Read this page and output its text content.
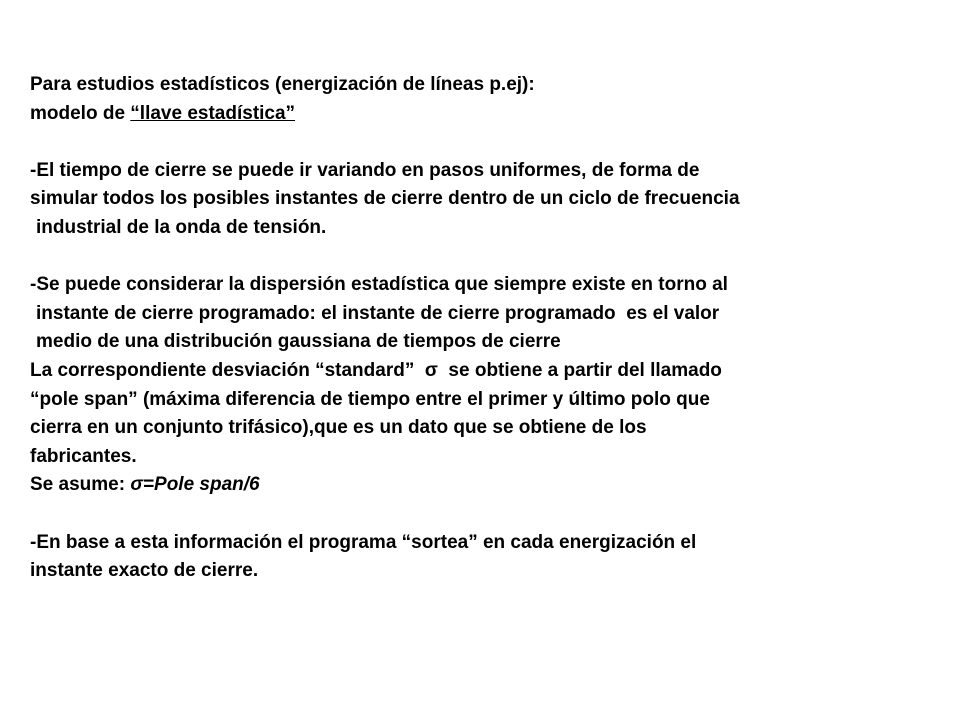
Para estudios estadísticos (energización de líneas p.ej):
modelo de “llave estadística”
-El tiempo de cierre se puede ir variando en pasos uniformes, de forma de
simular todos los posibles instantes de cierre dentro de un ciclo de frecuencia
industrial de la onda de tensión.
-Se puede considerar la dispersión estadística que siempre existe en torno al
instante de cierre programado: el instante de cierre programado  es el valor
medio de una distribución gaussiana de tiempos de cierre
La correspondiente desviación “standard”  σ  se obtiene a partir del llamado
“pole span” (máxima diferencia de tiempo entre el primer y último polo que
cierra en un conjunto trifásico),que es un dato que se obtiene de los
fabricantes.
Se asume: σ=Pole span/6
-En base a esta información el programa “sortea” en cada energización el
instante exacto de cierre.
